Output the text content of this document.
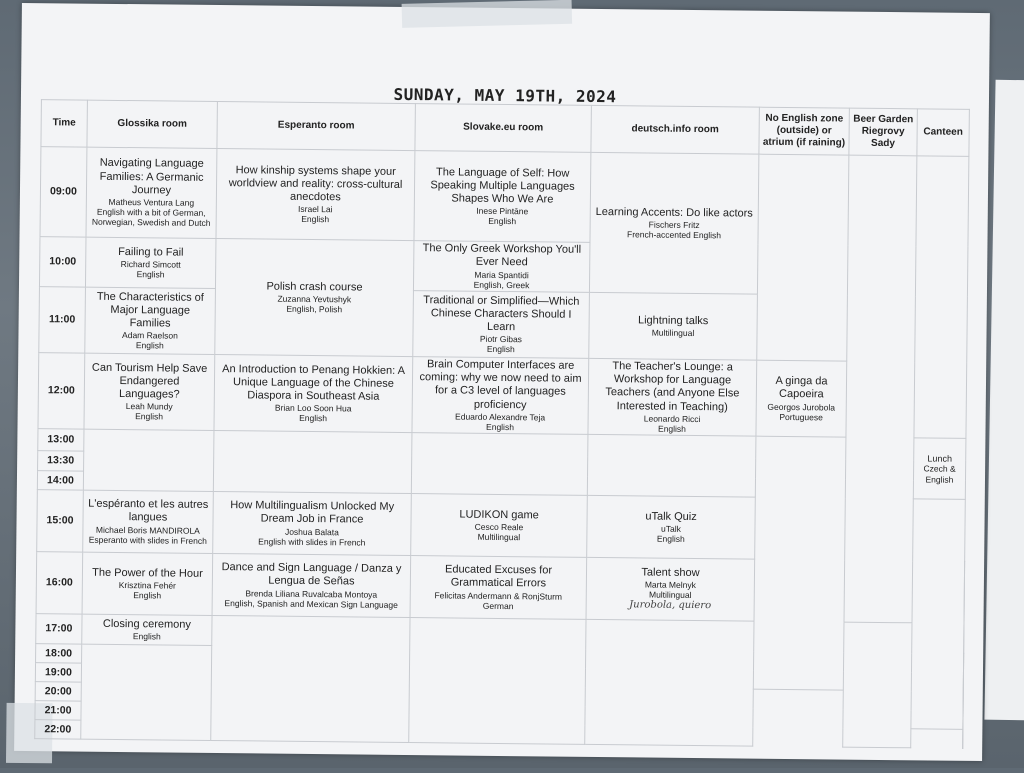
SUNDAY, MAY 19TH, 2024
Time	Glossika room	Esperanto room	Slovake.eu room	deutsch.info room	No English zone (outside) or atrium (if raining)	Beer Garden Riegrovy Sady	Canteen	
09:00	Navigating Language Families: A Germanic Journey
Matheus Ventura Lang
English with a bit of German, Norwegian, Swedish and Dutch	How kinship systems shape your worldview and reality: cross-cultural anecdotes
Israel Lai
English	The Language of Self: How Speaking Multiple Languages Shapes Who We Are
Inese Pintāne
English	Learning Accents: Do like actors
Fischers Fritz
French-accented English				

10:00	Failing to Fail
Richard Simcott
English	Polish crash course
Zuzanna Yevtushyk
English, Polish	The Only Greek Workshop You'll Ever Need
Maria Spantidi
English, Greek					

11:00	The Characteristics of Major Language Families
Adam Raelson
English		Traditional or Simplified—Which Chinese Characters Should I Learn
Piotr Gibas
English	Lightning talks
Multilingual				

12:00	Can Tourism Help Save Endangered Languages?
Leah Mundy
English	An Introduction to Penang Hokkien: A Unique Language of the Chinese Diaspora in Southeast Asia
Brian Loo Soon Hua
English	Brain Computer Interfaces are coming: why we now need to aim for a C3 level of languages proficiency
Eduardo Alexandre Teja
English	The Teacher's Lounge: a Workshop for Language Teachers (and Anyone Else Interested in Teaching)
Leonardo Ricci
English	A ginga da Capoeira
Georgos Jurobola
Portuguese			

13:00							Lunch
Czech & English	

13:30								
14:00								
15:00	L'espéranto et les autres langues
Michael Boris MANDIROLA
Esperanto with slides in French	How Multilingualism Unlocked My Dream Job in France
Joshua Balata
English with slides in French	LUDIKON game
Cesco Reale
Multilingual	uTalk Quiz
uTalk
English				

16:00	The Power of the Hour
Krisztina Fehér
English	Dance and Sign Language / Danza y Lengua de Señas
Brenda Liliana Ruvalcaba Montoya
English, Spanish and Mexican Sign Language	Educated Excuses for Grammatical Errors
Felicitas Andermann & RonjSturm
German	Talent show
Marta Melnyk
Multilingual
Jurobola, quiero				

17:00	Closing ceremony
English							

18:00		

19:00								
20:00								
21:00								
22:00								
